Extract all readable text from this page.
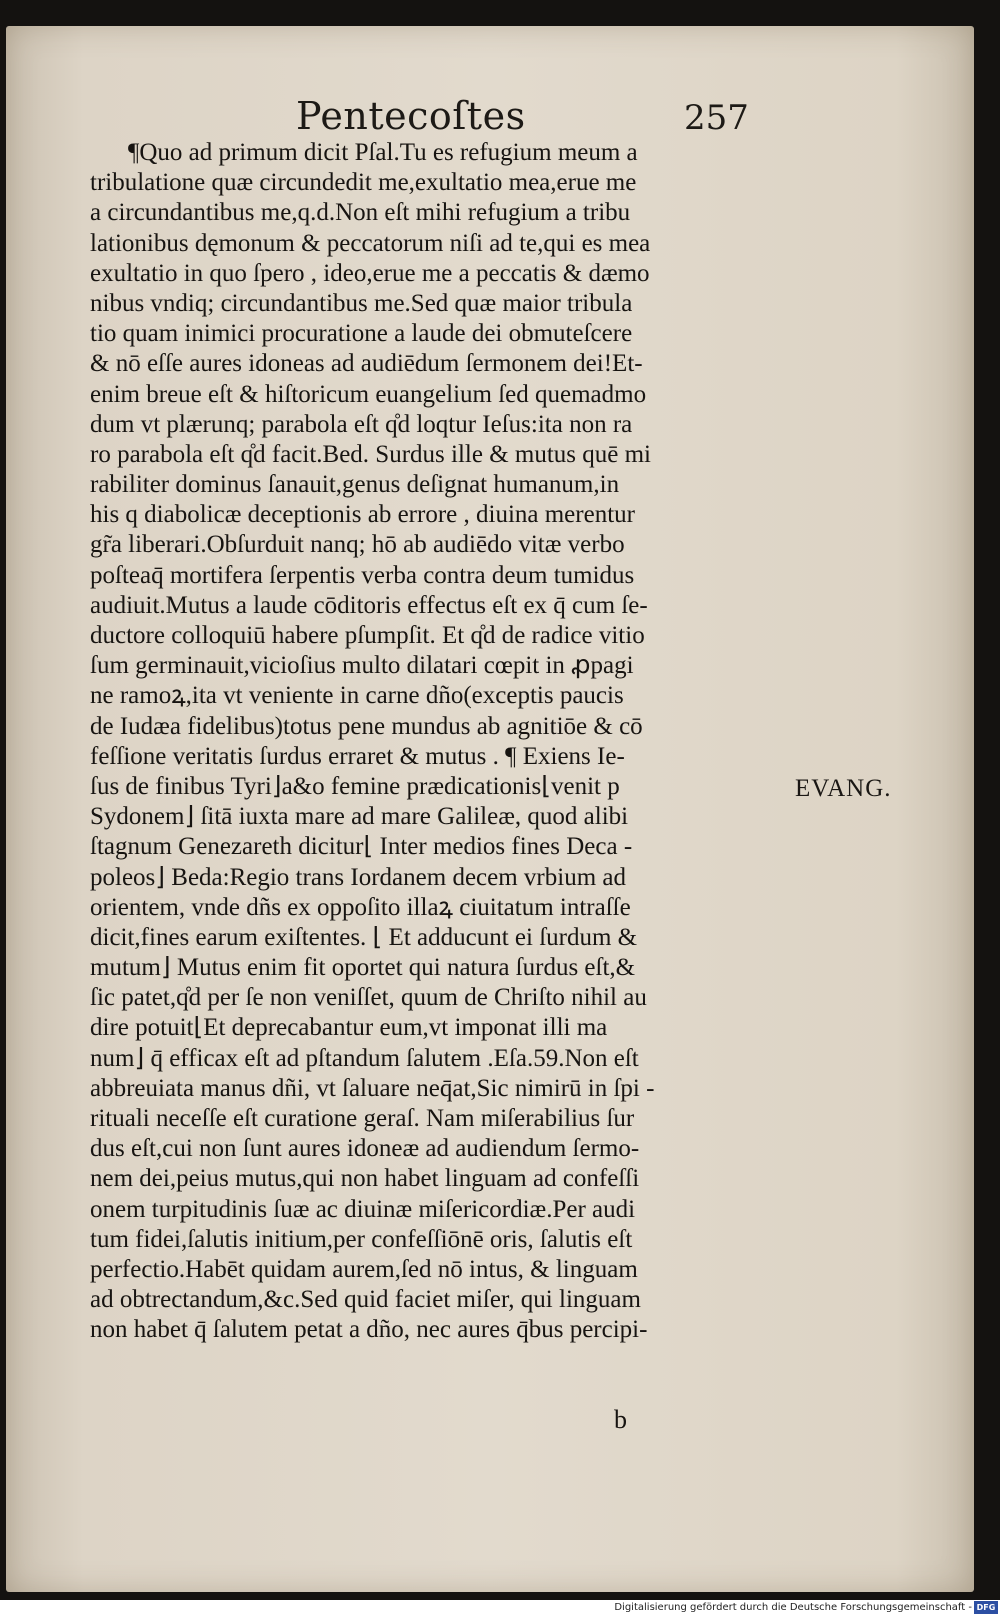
Pentecoſtes	257
¶Quo ad primum dicit Pſal.Tu es refugium meum a
tribulatione quæ circundedit me,exultatio mea,erue me
a circundantibus me,q.d.Non eſt mihi refugium a tribu
lationibus dęmonum & peccatorum niſi ad te,qui es mea
exultatio in quo ſpero , ideo,erue me a peccatis & dæmo
nibus vndiq; circundantibus me.Sed quæ maior tribula
tio quam inimici procuratione a laude dei obmuteſcere
& nō eſſe aures idoneas ad audiēdum ſermonem dei!Et-
enim breue eſt & hiſtoricum euangelium ſed quemadmo
dum vt plærunq; parabola eſt q̊d loqtur Ieſus:ita non ra
ro parabola eſt q̊d facit.Bed. Surdus ille & mutus quē mi
rabiliter dominus ſanauit,genus deſignat humanum,in
his q diabolicæ deceptionis ab errore , diuina merentur
gr̃a liberari.Obſurduit nanq; hō ab audiēdo vitæ verbo
poſteaq̄ mortifera ſerpentis verba contra deum tumidus
audiuit.Mutus a laude cōditoris effectus eſt ex q̄ cum ſe-
ductore colloquiū habere pſumpſit. Et q̊d de radice vitio
ſum germinauit,vicioſius multo dilatari cœpit in ꝓpagi
ne ramoꝝ,ita vt veniente in carne dño(exceptis paucis
de Iudæa fidelibus)totus pene mundus ab agnitiōe & cō
feſſione veritatis ſurdus erraret & mutus . ¶ Exiens Ie-
ſus de finibus Tyri⌋a&o femine prædicationis⌊venit p
Sydonem⌋ ſitā iuxta mare ad mare Galileæ, quod alibi
ſtagnum Genezareth dicitur⌊ Inter medios fines Deca -
poleos⌋ Beda:Regio trans Iordanem decem vrbium ad
orientem, vnde dñs ex oppoſito illaꝝ ciuitatum intraſſe
dicit,fines earum exiſtentes. ⌊ Et adducunt ei ſurdum &
mutum⌋ Mutus enim fit oportet qui natura ſurdus eſt,&
ſic patet,q̊d per ſe non veniſſet, quum de Chriſto nihil au
dire potuit⌊Et deprecabantur eum,vt imponat illi ma
num⌋ q̄ efficax eſt ad pſtandum ſalutem .Eſa.59.Non eſt
abbreuiata manus dñi, vt ſaluare neq̄at,Sic nimirū in ſpi -
rituali neceſſe eſt curatione geraſ. Nam miſerabilius ſur
dus eſt,cui non ſunt aures idoneæ ad audiendum ſermo-
nem dei,peius mutus,qui non habet linguam ad confeſſi
onem turpitudinis ſuæ ac diuinæ miſericordiæ.Per audi
tum fidei,ſalutis initium,per confeſſiōnē oris, ſalutis eſt
perfectio.Habēt quidam aurem,ſed nō intus, & linguam
ad obtrectandum,&c.Sed quid faciet miſer, qui linguam
non habet q̄ ſalutem petat a dño, nec aures q̄bus percipi-
EVANG.
b
Digitalisierung gefördert durch die Deutsche Forschungsgemeinschaft - DFG
